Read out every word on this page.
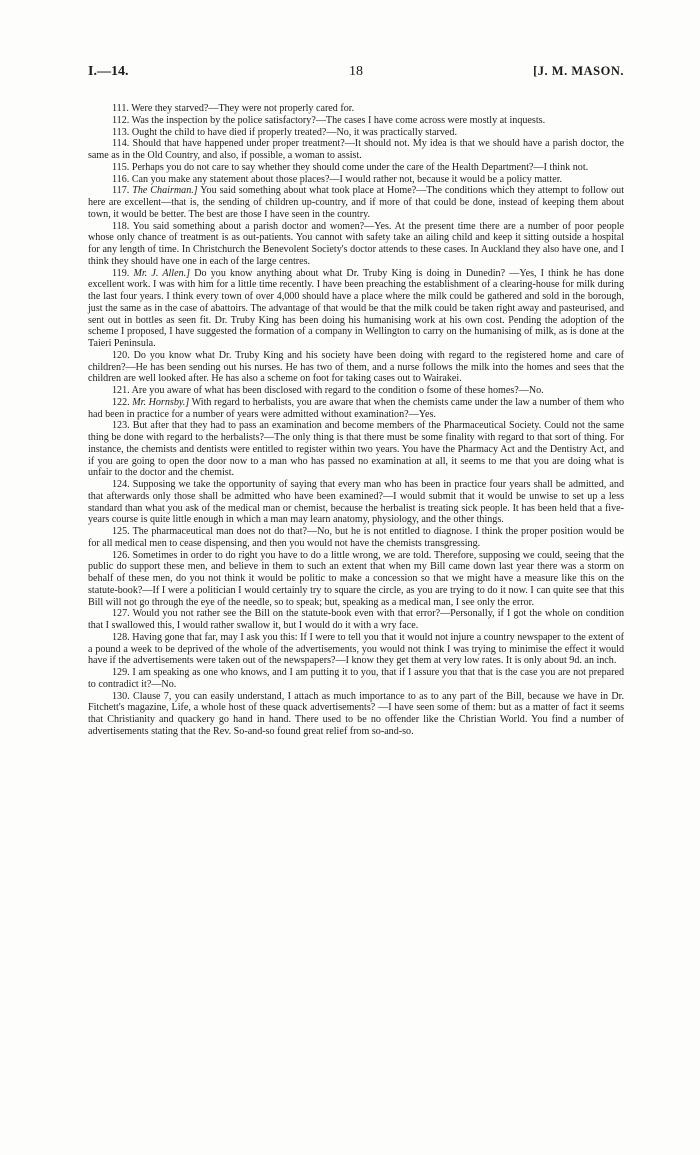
I.—14.	18	[J. M. MASON.

111. Were they starved?—They were not properly cared for.

112. Was the inspection by the police satisfactory?—The cases I have come across were mostly at inquests.

113. Ought the child to have died if properly treated?—No, it was practically starved.

114. Should that have happened under proper treatment?—It should not. My idea is that we should have a parish doctor, the same as in the Old Country, and also, if possible, a woman to assist.

115. Perhaps you do not care to say whether they should come under the care of the Health Department?—I think not.

116. Can you make any statement about those places?—I would rather not, because it would be a policy matter.

117. The Chairman.] You said something about what took place at Home?—The conditions which they attempt to follow out here are excellent—that is, the sending of children up-country, and if more of that could be done, instead of keeping them about town, it would be better. The best are those I have seen in the country.

118. You said something about a parish doctor and women?—Yes. At the present time there are a number of poor people whose only chance of treatment is as out-patients. You cannot with safety take an ailing child and keep it sitting outside a hospital for any length of time. In Christchurch the Benevolent Society's doctor attends to these cases. In Auckland they also have one, and I think they should have one in each of the large centres.

119. Mr. J. Allen.] Do you know anything about what Dr. Truby King is doing in Dunedin? —Yes, I think he has done excellent work. I was with him for a little time recently. I have been preaching the establishment of a clearing-house for milk during the last four years. I think every town of over 4,000 should have a place where the milk could be gathered and sold in the borough, just the same as in the case of abattoirs. The advantage of that would be that the milk could be taken right away and pasteurised, and sent out in bottles as seen fit. Dr. Truby King has been doing his humanising work at his own cost. Pending the adoption of the scheme I proposed, I have suggested the formation of a company in Wellington to carry on the humanising of milk, as is done at the Taieri Peninsula.

120. Do you know what Dr. Truby King and his society have been doing with regard to the registered home and care of children?—He has been sending out his nurses. He has two of them, and a nurse follows the milk into the homes and sees that the children are well looked after. He has also a scheme on foot for taking cases out to Wairakei.

121. Are you aware of what has been disclosed with regard to the condition o fsome of these homes?—No.

122. Mr. Hornsby.] With regard to herbalists, you are aware that when the chemists came under the law a number of them who had been in practice for a number of years were admitted without examination?—Yes.

123. But after that they had to pass an examination and become members of the Pharmaceutical Society. Could not the same thing be done with regard to the herbalists?—The only thing is that there must be some finality with regard to that sort of thing. For instance, the chemists and dentists were entitled to register within two years. You have the Pharmacy Act and the Dentistry Act, and if you are going to open the door now to a man who has passed no examination at all, it seems to me that you are doing what is unfair to the doctor and the chemist.

124. Supposing we take the opportunity of saying that every man who has been in practice four years shall be admitted, and that afterwards only those shall be admitted who have been examined?—I would submit that it would be unwise to set up a less standard than what you ask of the medical man or chemist, because the herbalist is treating sick people. It has been held that a five-years course is quite little enough in which a man may learn anatomy, physiology, and the other things.

125. The pharmaceutical man does not do that?—No, but he is not entitled to diagnose. I think the proper position would be for all medical men to cease dispensing, and then you would not have the chemists transgressing.

126. Sometimes in order to do right you have to do a little wrong, we are told. Therefore, supposing we could, seeing that the public do support these men, and believe in them to such an extent that when my Bill came down last year there was a storm on behalf of these men, do you not think it would be politic to make a concession so that we might have a measure like this on the statute-book?—If I were a politician I would certainly try to square the circle, as you are trying to do it now. I can quite see that this Bill will not go through the eye of the needle, so to speak; but, speaking as a medical man, I see only the error.

127. Would you not rather see the Bill on the statute-book even with that error?—Personally, if I got the whole on condition that I swallowed this, I would rather swallow it, but I would do it with a wry face.

128. Having gone that far, may I ask you this: If I were to tell you that it would not injure a country newspaper to the extent of a pound a week to be deprived of the whole of the advertisements, you would not think I was trying to minimise the effect it would have if the advertisements were taken out of the newspapers?—I know they get them at very low rates. It is only about 9d. an inch.

129. I am speaking as one who knows, and I am putting it to you, that if I assure you that that is the case you are not prepared to contradict it?—No.

130. Clause 7, you can easily understand, I attach as much importance to as to any part of the Bill, because we have in Dr. Fitchett's magazine, Life, a whole host of these quack advertisements? —I have seen some of them: but as a matter of fact it seems that Christianity and quackery go hand in hand. There used to be no offender like the Christian World. You find a number of advertisements stating that the Rev. So-and-so found great relief from so-and-so.
